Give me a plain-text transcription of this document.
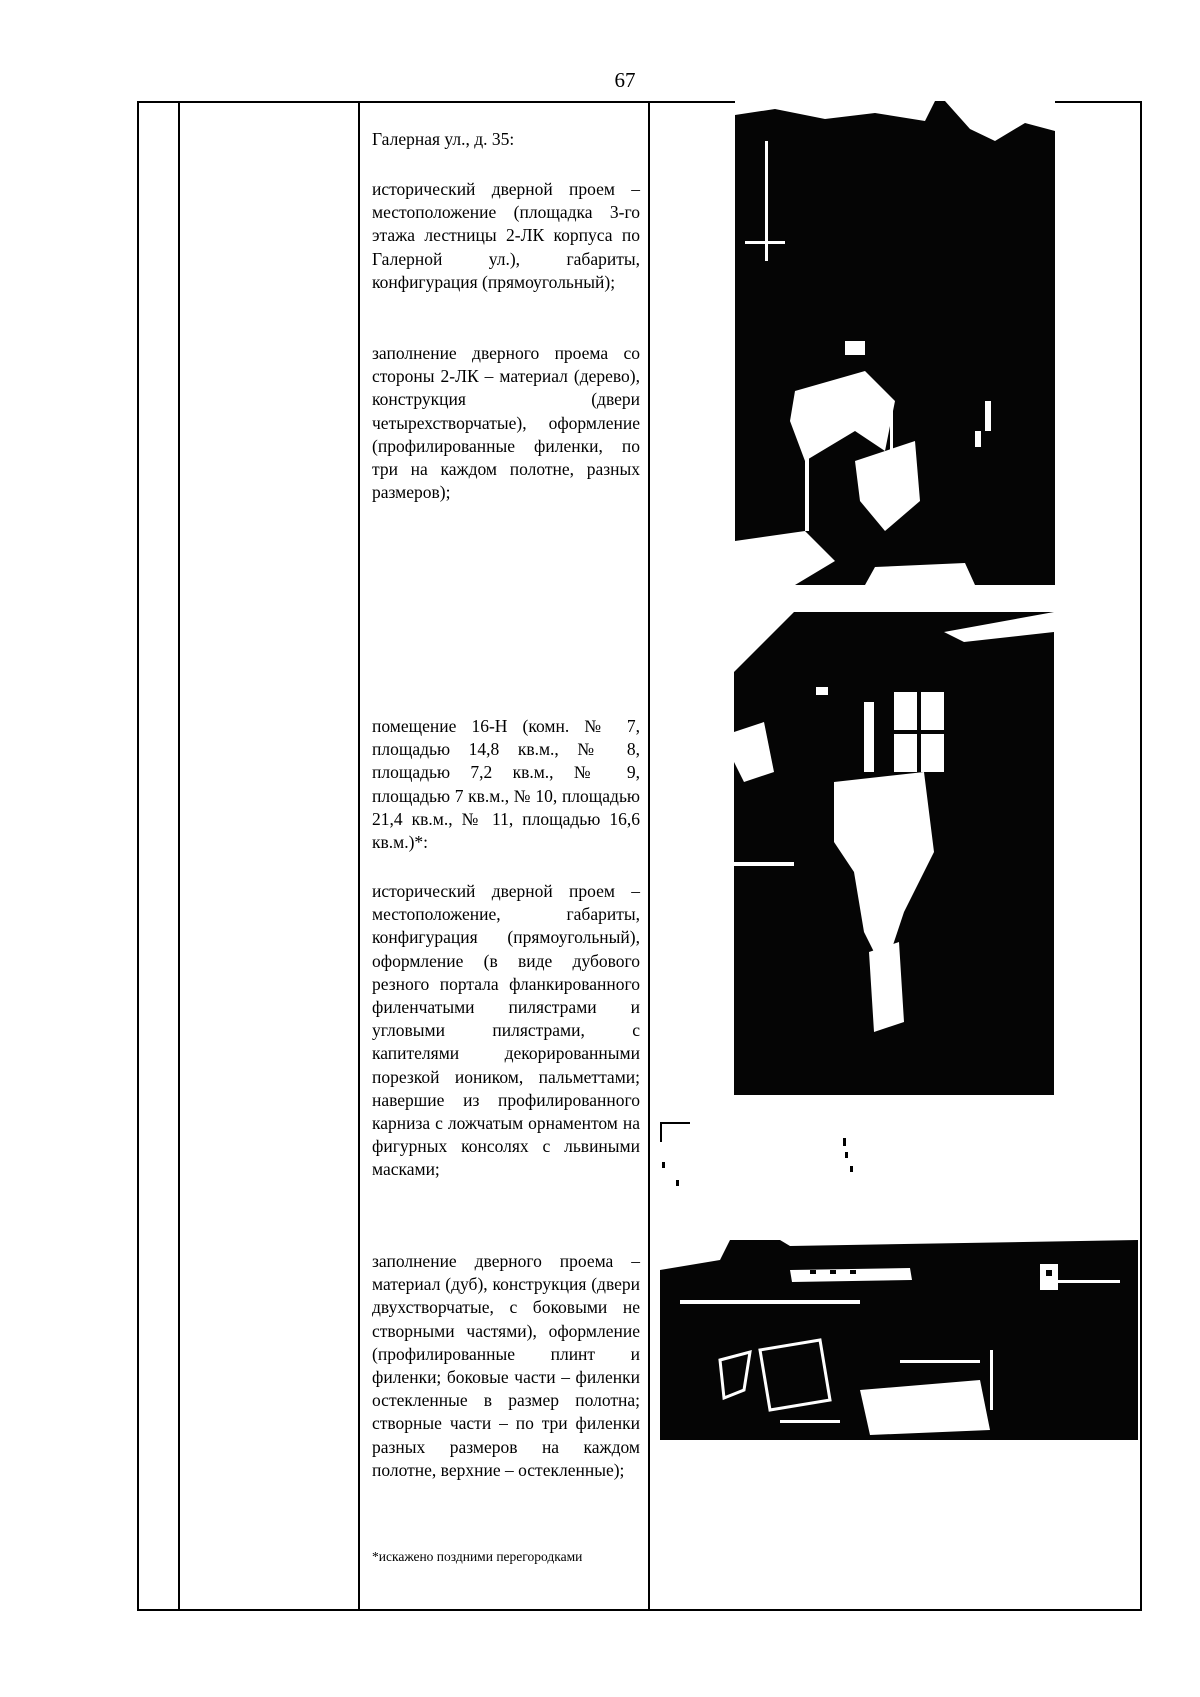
67

Галерная ул., д. 35:

исторический дверной проем – местоположение (площадка 3-го этажа лестницы 2-ЛК корпуса по Галерной ул.), габариты, конфигурация (прямоугольный);

заполнение дверного проема со стороны 2-ЛК – материал (дерево), конструкция (двери четырехстворчатые), оформление (профилированные филенки, по три на каждом полотне, разных размеров);

помещение 16-Н (комн. № 7, площадью 14,8 кв.м., № 8, площадью 7,2 кв.м., № 9, площадью 7 кв.м., № 10, площадью 21,4 кв.м., № 11, площадью 16,6 кв.м.)*:

исторический дверной проем – местоположение, габариты, конфигурация (прямоугольный), оформление (в виде дубового резного портала фланкированного филенчатыми пилястрами и угловыми пилястрами, с капителями декорированными порезкой иоником, пальметтами; навершие из профилированного карниза с ложчатым орнаментом на фигурных консолях с львиными масками;

заполнение дверного проема – материал (дуб), конструкция (двери двухстворчатые, с боковыми не створными частями), оформление (профилированные плинт и филенки; боковые части – филенки остекленные в размер полотна; створные части – по три филенки разных размеров на каждом полотне, верхние – остекленные);

*искажено поздними перегородками
